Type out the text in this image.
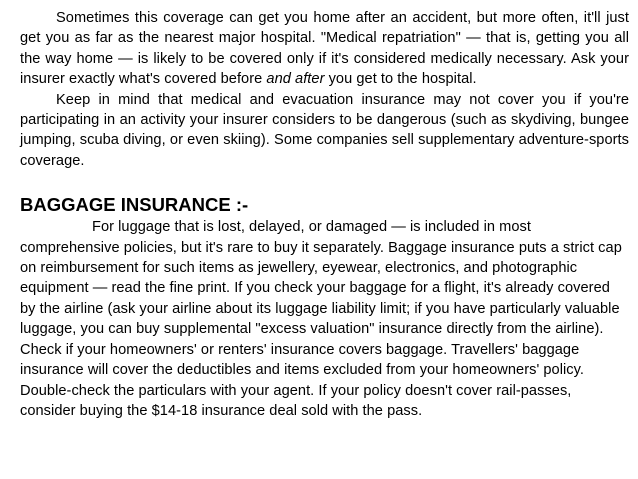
Sometimes this coverage can get you home after an accident, but more often, it'll just get you as far as the nearest major hospital. "Medical repatriation" — that is, getting you all the way home — is likely to be covered only if it's considered medically necessary. Ask your insurer exactly what's covered before and after you get to the hospital.

Keep in mind that medical and evacuation insurance may not cover you if you're participating in an activity your insurer considers to be dangerous (such as skydiving, bungee jumping, scuba diving, or even skiing). Some companies sell supplementary adventure-sports coverage.

BAGGAGE INSURANCE :-

For luggage that is lost, delayed, or damaged — is included in most comprehensive policies, but it's rare to buy it separately. Baggage insurance puts a strict cap on reimbursement for such items as jewellery, eyewear, electronics, and photographic equipment — read the fine print. If you check your baggage for a flight, it's already covered by the airline (ask your airline about its luggage liability limit; if you have particularly valuable luggage, you can buy supplemental "excess valuation" insurance directly from the airline). Check if your homeowners' or renters' insurance covers baggage. Travellers' baggage insurance will cover the deductibles and items excluded from your homeowners' policy. Double-check the particulars with your agent. If your policy doesn't cover rail-passes, consider buying the $14-18 insurance deal sold with the pass.
